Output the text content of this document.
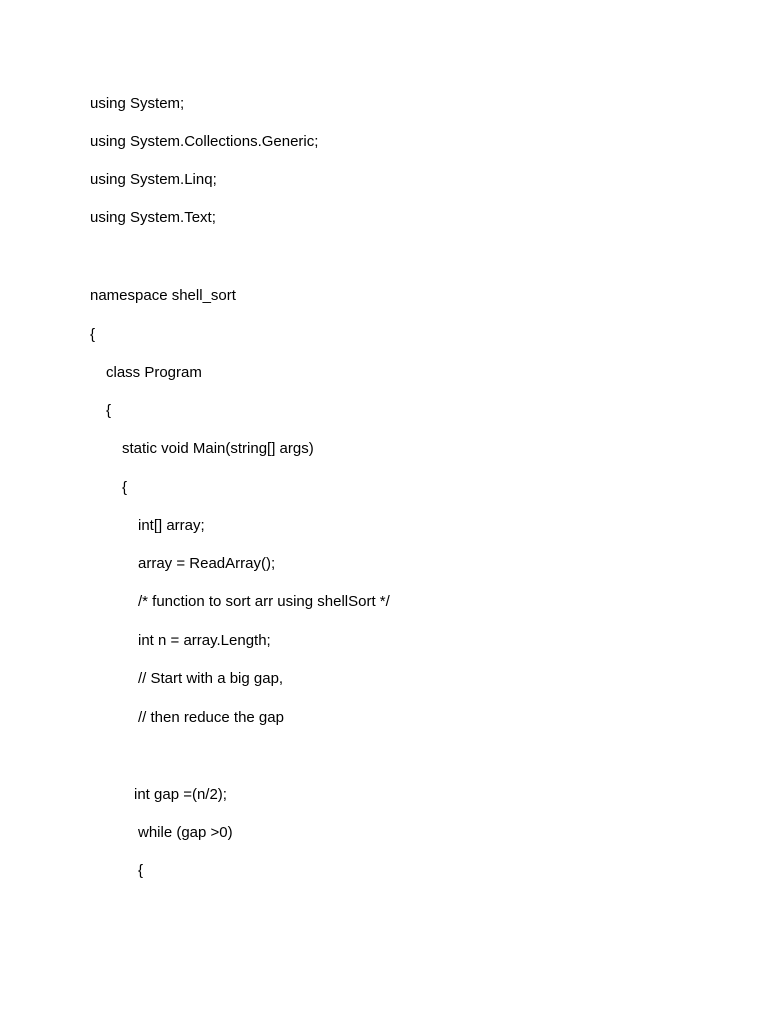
using System;
using System.Collections.Generic;
using System.Linq;
using System.Text;
namespace shell_sort
{
class Program
{
static void Main(string[] args)
{
int[] array;
array = ReadArray();
/* function to sort arr using shellSort */
int n = array.Length;
// Start with a big gap,
// then reduce the gap
int gap =(n/2);
while (gap >0)
{
